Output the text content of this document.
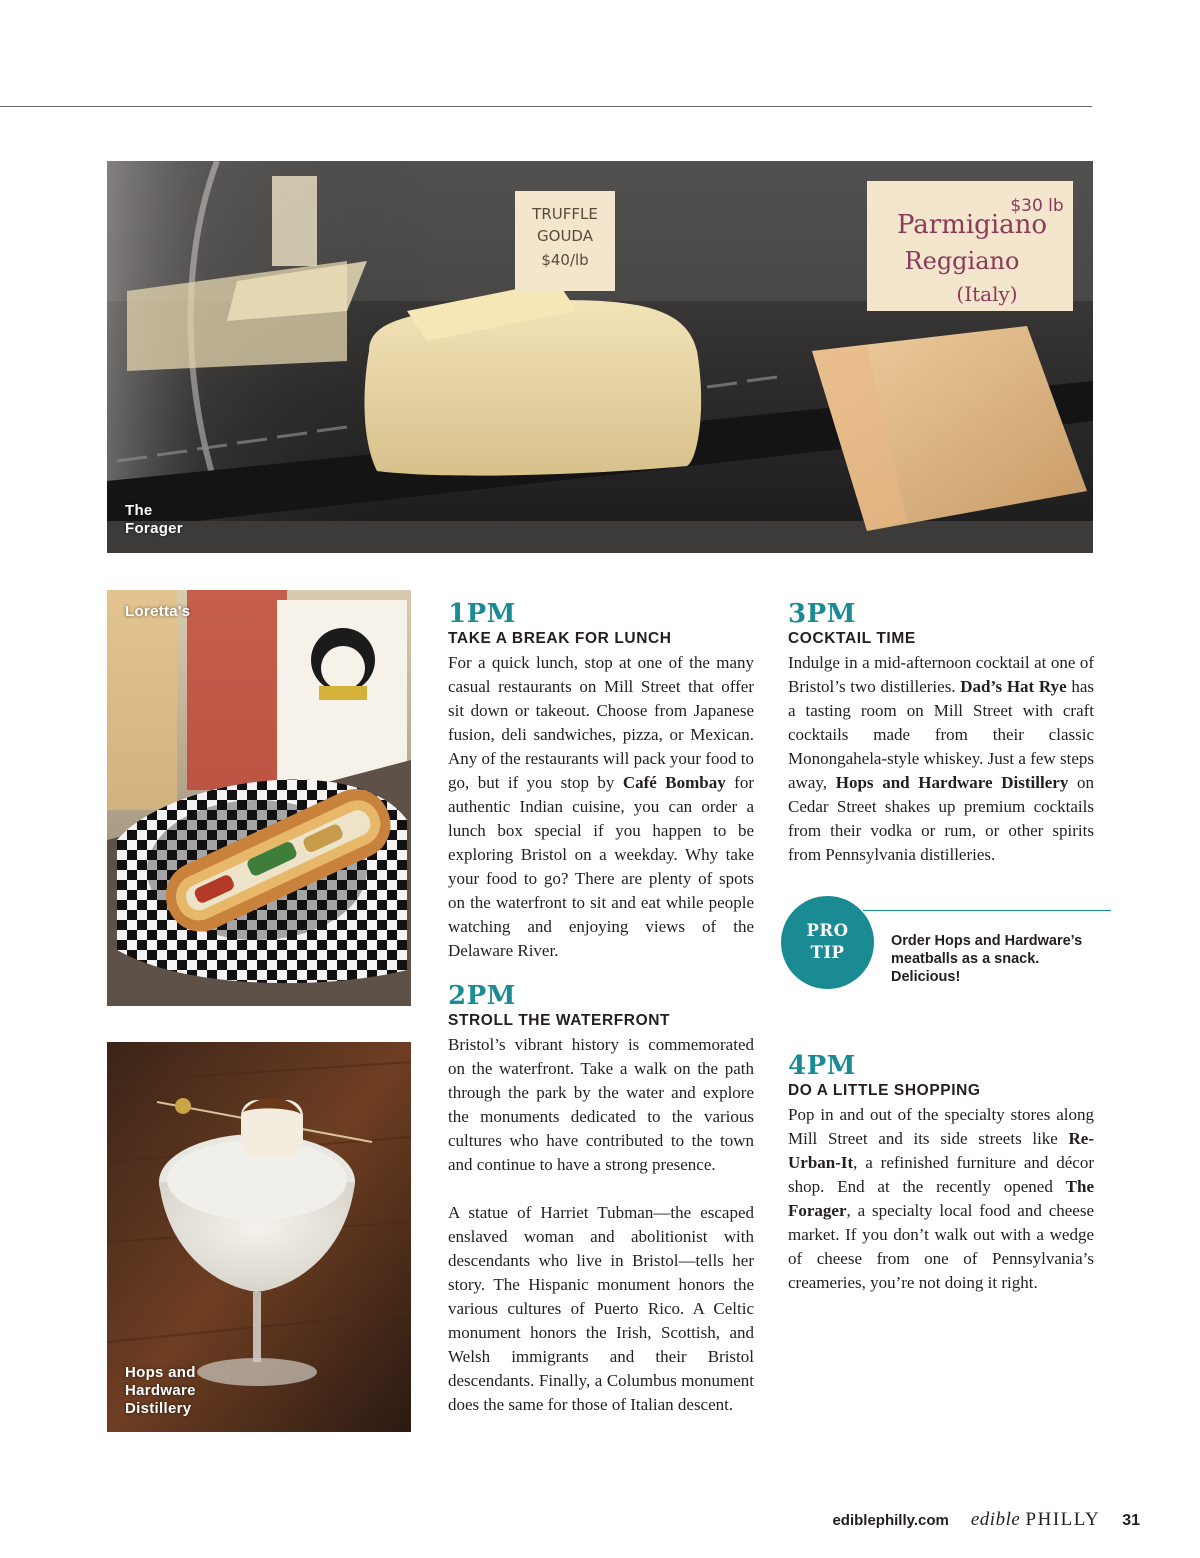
TRUFFLE
GOUDA
$40/lb
$30 lb
Parmigiano
Reggiano
(Italy)
The
Forager
Loretta's
Hops and
Hardware
Distillery
1PM
TAKE A BREAK FOR LUNCH

For a quick lunch, stop at one of the many casual restaurants on Mill Street that offer sit down or takeout. Choose from Japanese fusion, deli sandwiches, pizza, or Mexican. Any of the restaurants will pack your food to go, but if you stop by Café Bombay for authentic Indian cuisine, you can order a lunch box special if you happen to be exploring Bristol on a weekday. Why take your food to go? There are plenty of spots on the waterfront to sit and eat while people watching and enjoying views of the Delaware River.

2PM
STROLL THE WATERFRONT

Bristol’s vibrant history is commemorated on the waterfront. Take a walk on the path through the park by the water and explore the monuments dedicated to the various cultures who have contributed to the town and continue to have a strong presence.

A statue of Harriet Tubman—the escaped enslaved woman and abolitionist with descendants who live in Bristol—tells her story. The Hispanic monument honors the various cultures of Puerto Rico. A Celtic monument honors the Irish, Scottish, and Welsh immigrants and their Bristol descendants. Finally, a Columbus monument does the same for those of Italian descent.

3PM
COCKTAIL TIME

Indulge in a mid-afternoon cocktail at one of Bristol’s two distilleries. Dad’s Hat Rye has a tasting room on Mill Street with craft cocktails made from their classic Monongahela-style whiskey. Just a few steps away, Hops and Hardware Distillery on Cedar Street shakes up premium cocktails from their vodka or rum, or other spirits from Pennsylvania distilleries.

PRO
TIP
Order Hops and Hardware’s meatballs as a snack. Delicious!
4PM
DO A LITTLE SHOPPING

Pop in and out of the specialty stores along Mill Street and its side streets like Re-Urban-It, a refinished furniture and décor shop. End at the recently opened The Forager, a specialty local food and cheese market. If you don’t walk out with a wedge of cheese from one of Pennsylvania’s creameries, you’re not doing it right.

ediblephilly.com edible PHILLY 31
